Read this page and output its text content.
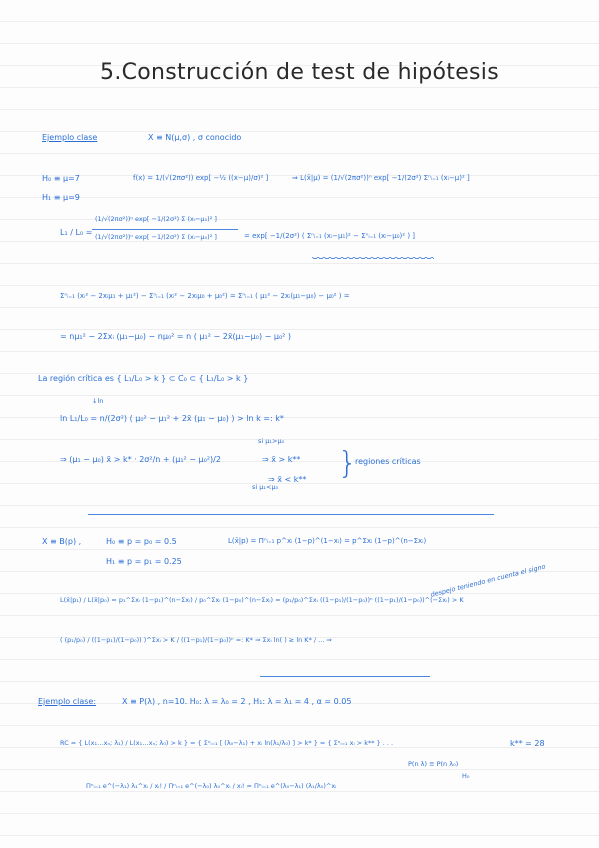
5.Construcción de test de hipótesis
Ejemplo clase	X ≡ N(μ,σ) , σ conocido
H₀ ≡ μ=7
H₁ ≡ μ=9
f(x) = 1/(√(2πσ²)) exp[ −½ ((x−μ)/σ)² ]	⇒ L(x̄|μ) = (1/√(2πσ²))ⁿ exp[ −1/(2σ²) Σⁿᵢ₌₁ (xᵢ−μ)² ]
L₁ / L₀ =
(1/√(2πσ²))ⁿ exp[ −1/(2σ²) Σ (xᵢ−μ₁)² ]
(1/√(2πσ²))ⁿ exp[ −1/(2σ²) Σ (xᵢ−μ₀)² ]	= exp[ −1/(2σ²) ( Σⁿᵢ₌₁ (xᵢ−μ₁)² − Σⁿᵢ₌₁ (xᵢ−μ₀)² ) ]
Σⁿᵢ₌₁ (xᵢ² − 2xᵢμ₁ + μ₁²) − Σⁿᵢ₌₁ (xᵢ² − 2xᵢμ₀ + μ₀²) = Σⁿᵢ₌₁ ( μ₁² − 2xᵢ(μ₁−μ₀) − μ₀² ) =
= nμ₁² − 2Σxᵢ (μ₁−μ₀) − nμ₀² = n ( μ₁² − 2x̄(μ₁−μ₀) − μ₀² )
La región crítica es { L₁/L₀ > k } ⊂ C₀ ⊂ { L₁/L₀ > k }
↓ln
ln L₁/L₀ = n/(2σ²) ( μ₀² − μ₁² + 2x̄ (μ₁ − μ₀) ) > ln k =: k*
⇒ (μ₁ − μ₀) x̄ > k* · 2σ²/n + (μ₁² − μ₀²)/2
si μ₁>μ₀
⇒ x̄ > k**
si μ₁<μ₀
⇒ x̄ < k** }
regiones críticas
X ≡ B(p) ,	H₀ ≡ p = p₀ = 0.5
H₁ ≡ p = p₁ = 0.25
L(x̄|p) = Πⁿᵢ₌₁ p^xᵢ (1−p)^(1−xᵢ) = p^Σxᵢ (1−p)^(n−Σxᵢ)
L(x̄|p₁) / L(x̄|p₀) = p₁^Σxᵢ (1−p₁)^(n−Σxᵢ) / p₀^Σxᵢ (1−p₀)^(n−Σxᵢ) = (p₁/p₀)^Σxᵢ ((1−p₁)/(1−p₀))ⁿ ((1−p₁)/(1−p₀))^(−Σxᵢ) > K
despejo teniendo en cuenta el signo
( (p₁/p₀) / ((1−p₁)/(1−p₀)) )^Σxᵢ > K / ((1−p₁)/(1−p₀))ⁿ =: K* ⇒ Σxᵢ ln( ) ≥ ln K* / ... ⇒
Ejemplo clase:	X ≡ P(λ) , n=10. H₀: λ = λ₀ = 2 , H₁: λ = λ₁ = 4 , α = 0.05
RC = { L(x₁…xₙ; λ₁) / L(x₁…xₙ; λ₀) > k } = { Σⁿᵢ₌₁ [ (λ₀−λ₁) + xᵢ ln(λ₁/λ₀) ] > k* } = { Σⁿᵢ₌₁ xᵢ > k** } . . .	k** = 28
P(n λ) ≡ P(n λ₀)
H₀
Πⁿᵢ₌₁ e^(−λ₁) λ₁^xᵢ / xᵢ! / Πⁿᵢ₌₁ e^(−λ₀) λ₀^xᵢ / xᵢ! = Πⁿᵢ₌₁ e^(λ₀−λ₁) (λ₁/λ₀)^xᵢ
